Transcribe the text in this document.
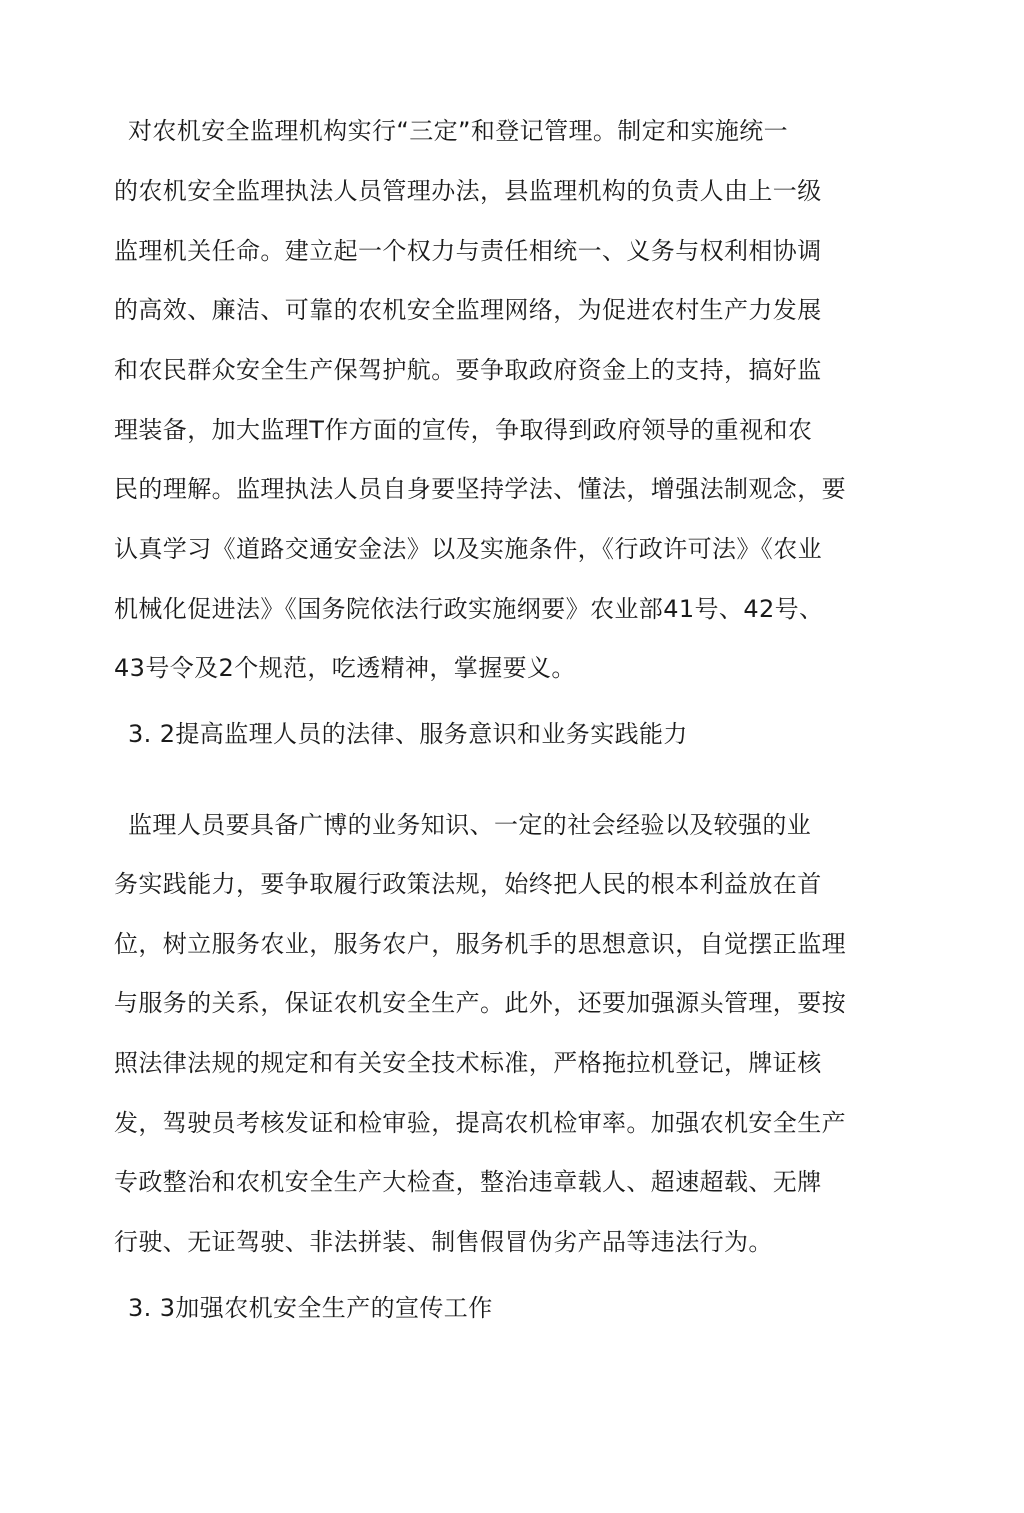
对农机安全监理机构实行“三定”和登记管理。制定和实施统一
的农机安全监理执法人员管理办法，县监理机构的负责人由上一级
监理机关任命。建立起一个权力与责任相统一、义务与权利相协调
的高效、廉洁、可靠的农机安全监理网络，为促进农村生产力发展
和农民群众安全生产保驾护航。要争取政府资金上的支持，搞好监
理装备，加大监理T作方面的宣传，争取得到政府领导的重视和农
民的理解。监理执法人员自身要坚持学法、懂法，增强法制观念，要
认真学习《道路交通安金法》以及实施条件，《行政许可法》《农业
机械化促进法》《国务院依法行政实施纲要》农业部41号、42号、
43号令及2个规范，吃透精神，掌握要义。
3. 2提高监理人员的法律、服务意识和业务实践能力
监理人员要具备广博的业务知识、一定的社会经验以及较强的业
务实践能力，要争取履行政策法规，始终把人民的根本利益放在首
位，树立服务农业，服务农户，服务机手的思想意识，自觉摆正监理
与服务的关系，保证农机安全生产。此外，还要加强源头管理，要按
照法律法规的规定和有关安全技术标准，严格拖拉机登记，牌证核
发，驾驶员考核发证和检审验，提高农机检审率。加强农机安全生产
专政整治和农机安全生产大检查，整治违章载人、超速超载、无牌
行驶、无证驾驶、非法拼装、制售假冒伪劣产品等违法行为。
3. 3加强农机安全生产的宣传工作
